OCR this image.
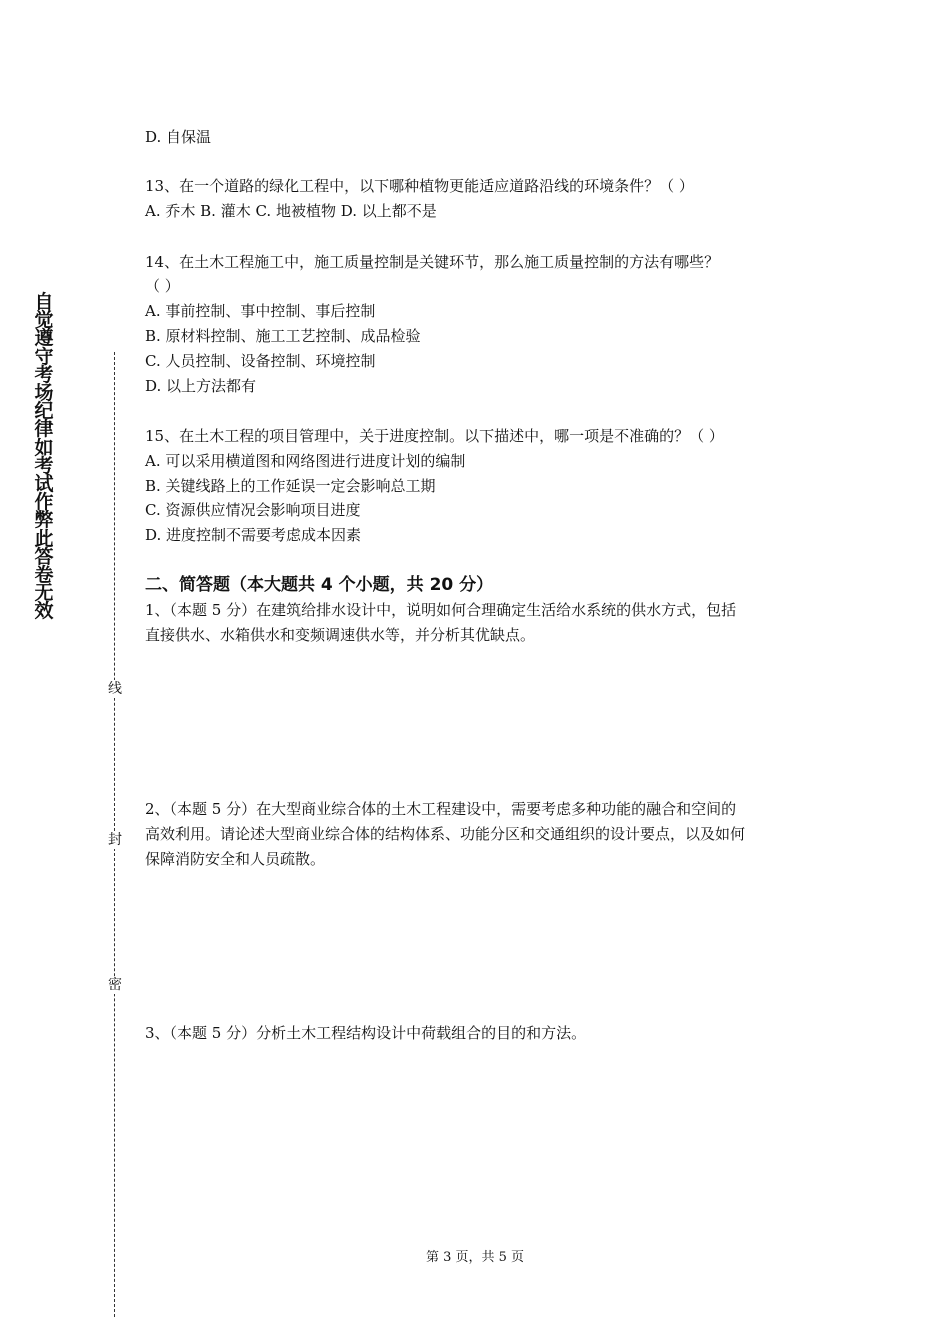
自觉遵守考场纪律如考试作弊此答卷无效
线
封
密
D. 自保温
13、在一个道路的绿化工程中，以下哪种植物更能适应道路沿线的环境条件？（ ）
A. 乔木 B. 灌木 C. 地被植物 D. 以上都不是
14、在土木工程施工中，施工质量控制是关键环节，那么施工质量控制的方法有哪些？
（ ）
A. 事前控制、事中控制、事后控制
B. 原材料控制、施工工艺控制、成品检验
C. 人员控制、设备控制、环境控制
D. 以上方法都有
15、在土木工程的项目管理中，关于进度控制。以下描述中，哪一项是不准确的？（ ）
A. 可以采用横道图和网络图进行进度计划的编制
B. 关键线路上的工作延误一定会影响总工期
C. 资源供应情况会影响项目进度
D. 进度控制不需要考虑成本因素
二、简答题（本大题共 4 个小题，共 20 分）
1、（本题 5 分）在建筑给排水设计中，说明如何合理确定生活给水系统的供水方式，包括
直接供水、水箱供水和变频调速供水等，并分析其优缺点。
2、（本题 5 分）在大型商业综合体的土木工程建设中，需要考虑多种功能的融合和空间的
高效利用。请论述大型商业综合体的结构体系、功能分区和交通组织的设计要点，以及如何
保障消防安全和人员疏散。
3、（本题 5 分）分析土木工程结构设计中荷载组合的目的和方法。
第 3 页，共 5 页
